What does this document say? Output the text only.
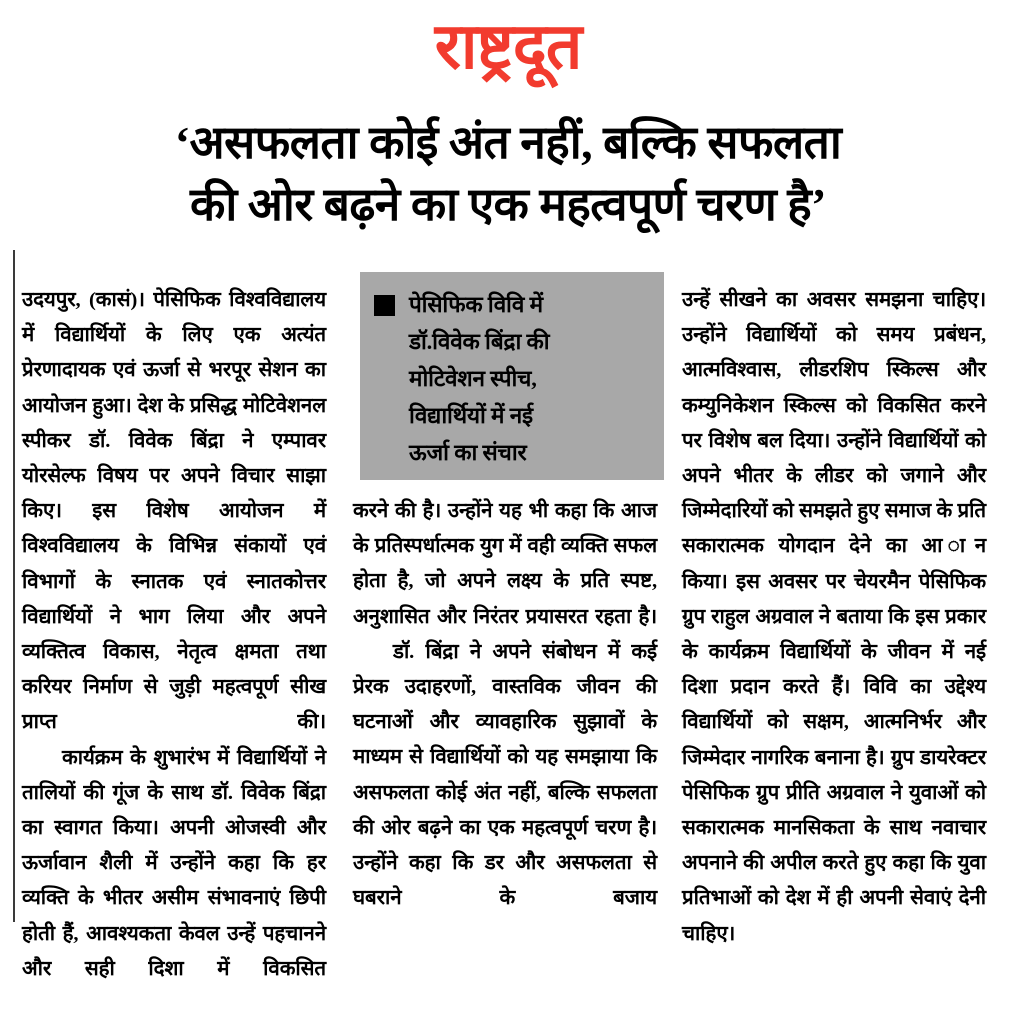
राष्ट्रदूत
‘असफलता कोई अंत नहीं, बल्कि सफलता
की ओर बढ़ने का एक महत्वपूर्ण चरण है’

उदयपुर, (कासं)। पेसिफिक विश्वविद्यालय में विद्यार्थियों के लिए एक अत्यंत प्रेरणादायक एवं ऊर्जा से भरपूर सेशन का आयोजन हुआ। देश के प्रसिद्ध मोटिवेशनल स्पीकर डॉ. विवेक बिंद्रा ने एम्पावर योरसेल्फ विषय पर अपने विचार साझा किए। इस विशेष आयोजन में विश्वविद्यालय के विभिन्न संकायों एवं विभागों के स्नातक एवं स्नातकोत्तर विद्यार्थियों ने भाग लिया और अपने व्यक्तित्व विकास, नेतृत्व क्षमता तथा करियर निर्माण से जुड़ी महत्वपूर्ण सीख प्राप्त की।

कार्यक्रम के शुभारंभ में विद्यार्थियों ने तालियों की गूंज के साथ डॉ. विवेक बिंद्रा का स्वागत किया। अपनी ओजस्वी और ऊर्जावान शैली में उन्होंने कहा कि हर व्यक्ति के भीतर असीम संभावनाएं छिपी होती हैं, आवश्यकता केवल उन्हें पहचानने और सही दिशा में विकसित

करने की है। उन्होंने यह भी कहा कि आज के प्रतिस्पर्धात्मक युग में वही व्यक्ति सफल होता है, जो अपने लक्ष्य के प्रति स्पष्ट, अनुशासित और निरंतर प्रयासरत रहता है।

डॉ. बिंद्रा ने अपने संबोधन में कई प्रेरक उदाहरणों, वास्तविक जीवन की घटनाओं और व्यावहारिक सुझावों के माध्यम से विद्यार्थियों को यह समझाया कि असफलता कोई अंत नहीं, बल्कि सफलता की ओर बढ़ने का एक महत्वपूर्ण चरण है। उन्होंने कहा कि डर और असफलता से घबराने के बजाय

उन्हें सीखने का अवसर समझना चाहिए। उन्होंने विद्यार्थियों को समय प्रबंधन, आत्मविश्वास, लीडरशिप स्किल्स और कम्युनिकेशन स्किल्स को विकसित करने पर विशेष बल दिया। उन्होंने विद्यार्थियों को अपने भीतर के लीडर को जगाने और जिम्मेदारियों को समझते हुए समाज के प्रति सकारात्मक योगदान देने का आ ान किया। इस अवसर पर चेयरमैन पेसिफिक ग्रुप राहुल अग्रवाल ने बताया कि इस प्रकार के कार्यक्रम विद्यार्थियों के जीवन में नई दिशा प्रदान करते हैं। विवि का उद्देश्य विद्यार्थियों को सक्षम, आत्मनिर्भर और जिम्मेदार नागरिक बनाना है। ग्रुप डायरेक्टर पेसिफिक ग्रुप प्रीति अग्रवाल ने युवाओं को सकारात्मक मानसिकता के साथ नवाचार अपनाने की अपील करते हुए कहा कि युवा प्रतिभाओं को देश में ही अपनी सेवाएं देनी चाहिए।

पेसिफिक विवि में
डॉ.विवेक बिंद्रा की
मोटिवेशन स्पीच,
विद्यार्थियों में नई
ऊर्जा का संचार
